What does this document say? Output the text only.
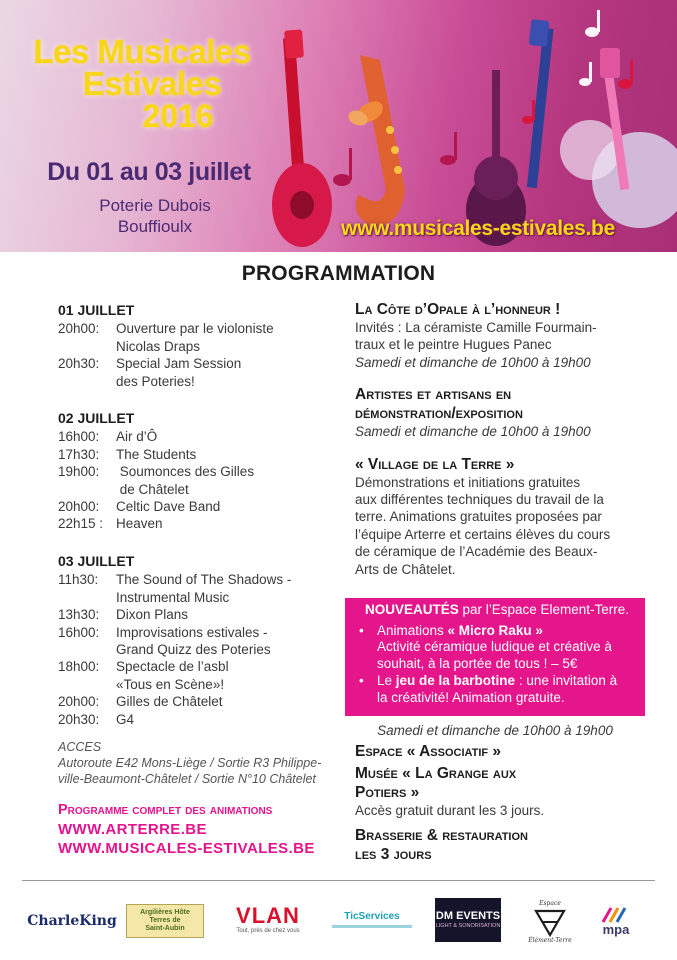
Les Musicales
Estivales
2016
Du 01 au 03 juillet
Poterie Dubois
Bouffioulx	www.musicales-estivales.be
PROGRAMMATION
01 JUILLET
20h00:	Ouverture par le violoniste
Nicolas Draps
20h30:	Special Jam Session
des Poteries!
02 JUILLET
16h00:	Air d’Ô
17h30:	The Students
19h00:	Soumonces des Gilles
de Châtelet
20h00:	Celtic Dave Band
22h15 : Heaven
03 JUILLET
11h30:	The Sound of The Shadows -
Instrumental Music
13h30:	Dixon Plans
16h00:	Improvisations estivales -
Grand Quizz des Poteries
18h00:	Spectacle de l’asbl
«Tous en Scène»!
20h00:	Gilles de Châtelet
20h30:	G4
ACCES
Autoroute E42 Mons-Liège / Sortie R3 Philippe-
ville-Beaumont-Châtelet / Sortie N°10 Châtelet
Programme complet des animations
WWW.ARTERRE.BE
WWW.MUSICALES-ESTIVALES.BE
La Côte d’Opale à l’honneur !
Invités : La céramiste Camille Fourmain-
traux et le peintre Hugues Panec
Samedi et dimanche de 10h00 à 19h00
Artistes et artisans en
démonstration/exposition
Samedi et dimanche de 10h00 à 19h00
« Village de la Terre »
Démonstrations et initiations gratuites
aux différentes techniques du travail de la
terre. Animations gratuites proposées par
l’équipe Arterre et certains élèves du cours
de céramique de l’Académie des Beaux-
Arts de Châtelet.
NOUVEAUTÉS par l’Espace Element-Terre.
• Animations « Micro Raku »
Activité céramique ludique et créative à
souhait, à la portée de tous ! – 5€
• Le jeu de la barbotine : une invitation à
la créativité! Animation gratuite.
Samedi et dimanche de 10h00 à 19h00
Espace « Associatif »
Musée « La Grange aux
Potiers »
Accès gratuit durant les 3 jours.
Brasserie & restauration
les 3 jours
CharleKing
Argilières Hôte
Terres de
Saint-Aubin
VLAN
Tout, près de chez vous
TicServices	DM EVENTS
LIGHT & SONORISATION
Espace
Élément-Terre
mpa
